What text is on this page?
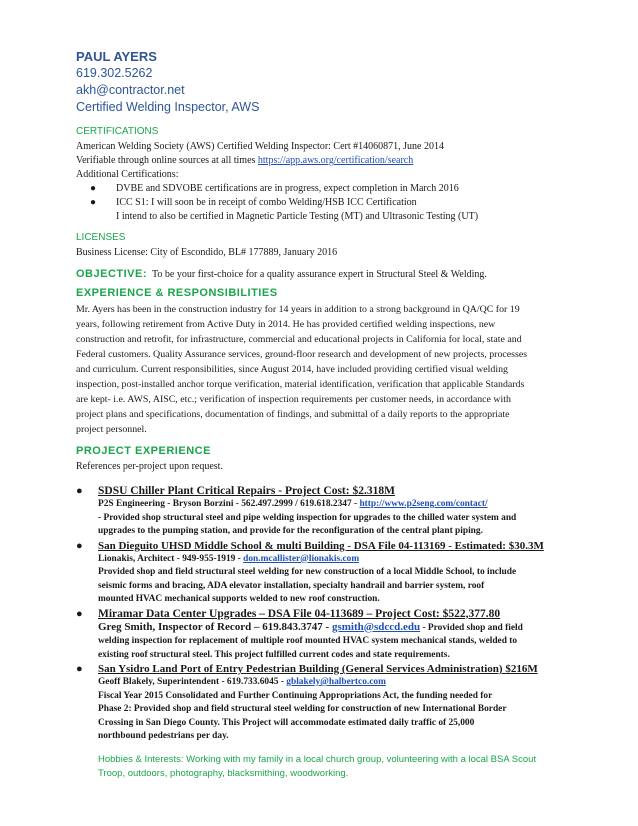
PAUL AYERS

619.302.5262

akh@contractor.net

Certified Welding Inspector, AWS

CERTIFICATIONS

American Welding Society (AWS) Certified Welding Inspector: Cert #14060871, June 2014

Verifiable through online sources at all times https://app.aws.org/certification/search

Additional Certifications:

●	DVBE and SDVOBE certifications are in progress, expect completion in March 2016
●	ICC S1: I will soon be in receipt of combo Welding/HSB ICC Certification

I intend to also be certified in Magnetic Particle Testing (MT) and Ultrasonic Testing (UT)

LICENSES

Business License: City of Escondido, BL# 177889, January 2016

OBJECTIVE: To be your first-choice for a quality assurance expert in Structural Steel & Welding.

EXPERIENCE & RESPONSIBILITIES

Mr. Ayers has been in the construction industry for 14 years in addition to a strong background in QA/QC for 19
years, following retirement from Active Duty in 2014. He has provided certified welding inspections, new
construction and retrofit, for infrastructure, commercial and educational projects in California for local, state and
Federal customers. Quality Assurance services, ground-floor research and development of new projects, processes
and curriculum. Current responsibilities, since August 2014, have included providing certified visual welding
inspection, post-installed anchor torque verification, material identification, verification that applicable Standards
are kept- i.e. AWS, AISC, etc.; verification of inspection requirements per customer needs, in accordance with
project plans and specifications, documentation of findings, and submittal of a daily reports to the appropriate
project personnel.

PROJECT EXPERIENCE

References per-project upon request.

●	SDSU Chiller Plant Critical Repairs - Project Cost: $2.318M

P2S Engineering - Bryson Borzini - 562.497.2999 / 619.618.2347 - http://www.p2seng.com/contact/

- Provided shop structural steel and pipe welding inspection for upgrades to the chilled water system and

upgrades to the pumping station, and provide for the reconfiguration of the central plant piping.

●	San Dieguito UHSD Middle School & multi Building - DSA File 04-113169 - Estimated: $30.3M

Lionakis, Architect - 949-955-1919 - don.mcallister@lionakis.com

Provided shop and field structural steel welding for new construction of a local Middle School, to include

seismic forms and bracing, ADA elevator installation, specialty handrail and barrier system, roof

mounted HVAC mechanical supports welded to new roof construction.

●	Miramar Data Center Upgrades – DSA File 04-113689 – Project Cost: $522,377.80

Greg Smith, Inspector of Record – 619.843.3747 - gsmith@sdccd.edu - Provided shop and field

welding inspection for replacement of multiple roof mounted HVAC system mechanical stands, welded to

existing roof structural steel. This project fulfilled current codes and state requirements.

●	San Ysidro Land Port of Entry Pedestrian Building (General Services Administration) $216M

Geoff Blakely, Superintendent - 619.733.6045 - gblakely@halbertco.com

Fiscal Year 2015 Consolidated and Further Continuing Appropriations Act, the funding needed for

Phase 2: Provided shop and field structural steel welding for construction of new International Border

Crossing in San Diego County. This Project will accommodate estimated daily traffic of 25,000

northbound pedestrians per day.

Hobbies & Interests: Working with my family in a local church group, volunteering with a local BSA Scout

Troop, outdoors, photography, blacksmithing, woodworking.
